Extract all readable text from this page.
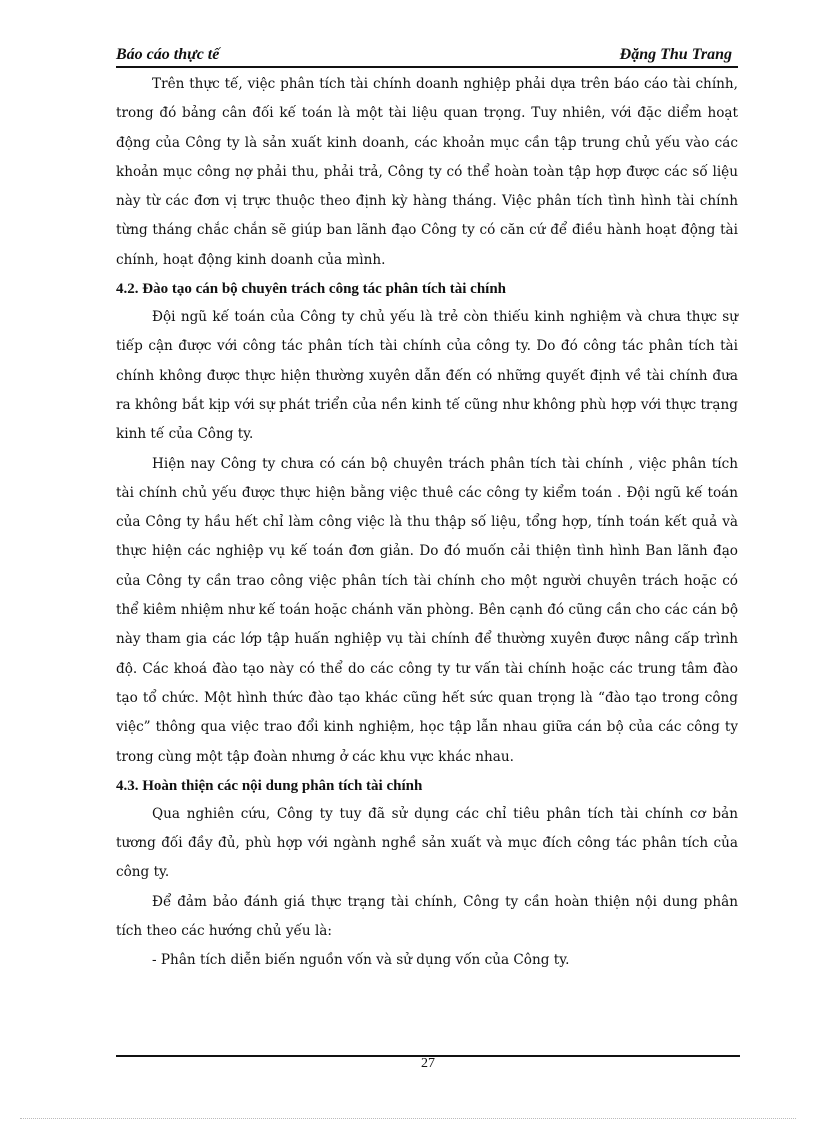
Báo cáo thực tế	Đặng Thu Trang

Trên thực tế, việc phân tích tài chính doanh nghiệp phải dựa trên báo cáo tài chính, trong đó bảng cân đối kế toán là một tài liệu quan trọng. Tuy nhiên, với đặc diểm hoạt động của Công ty là sản xuất kinh doanh, các khoản mục cần tập trung chủ yếu vào các khoản mục công nợ phải thu, phải trả, Công ty có thể hoàn toàn tập hợp được các số liệu này từ các đơn vị trực thuộc theo định kỳ hàng tháng. Việc phân tích tình hình tài chính từng tháng chắc chắn sẽ giúp ban lãnh đạo Công ty có căn cứ để điều hành hoạt động tài chính, hoạt động kinh doanh của mình.

4.2. Đào tạo cán bộ chuyên trách công tác phân tích tài chính

Đội ngũ kế toán của Công ty chủ yếu là trẻ còn thiếu kinh nghiệm và chưa thực sự tiếp cận được với công tác phân tích tài chính của công ty. Do đó công tác phân tích tài chính không được thực hiện thường xuyên dẫn đến có những quyết định về tài chính đưa ra không bắt kịp với sự phát triển của nền kinh tế cũng như không phù hợp với thực trạng kinh tế của Công ty.

Hiện nay Công ty chưa có cán bộ chuyên trách phân tích tài chính , việc phân tích tài chính chủ yếu được thực hiện bằng việc thuê các công ty kiểm toán . Đội ngũ kế toán của Công ty hầu hết chỉ làm công việc là thu thập số liệu, tổng hợp, tính toán kết quả và thực hiện các nghiệp vụ kế toán đơn giản. Do đó muốn cải thiện tình hình Ban lãnh đạo của Công ty cần trao công việc phân tích tài chính cho một người chuyên trách hoặc có thể kiêm nhiệm như kế toán hoặc chánh văn phòng. Bên cạnh đó cũng cần cho các cán bộ này tham gia các lớp tập huấn nghiệp vụ tài chính để thường xuyên được nâng cấp trình độ. Các khoá đào tạo này có thể do các công ty tư vấn tài chính hoặc các trung tâm đào tạo tổ chức. Một hình thức đào tạo khác cũng hết sức quan trọng là “đào tạo trong công việc” thông qua việc trao đổi kinh nghiệm, học tập lẫn nhau giữa cán bộ của các công ty trong cùng một tập đoàn nhưng ở các khu vực khác nhau.

4.3. Hoàn thiện các nội dung phân tích tài chính

Qua nghiên cứu, Công ty tuy đã sử dụng các chỉ tiêu phân tích tài chính cơ bản tương đối đầy đủ, phù hợp với ngành nghề sản xuất và mục đích công tác phân tích của công ty.

Để đảm bảo đánh giá thực trạng tài chính, Công ty cần hoàn thiện nội dung phân tích theo các hướng chủ yếu là:

- Phân tích diễn biến nguồn vốn và sử dụng vốn của Công ty.

27
